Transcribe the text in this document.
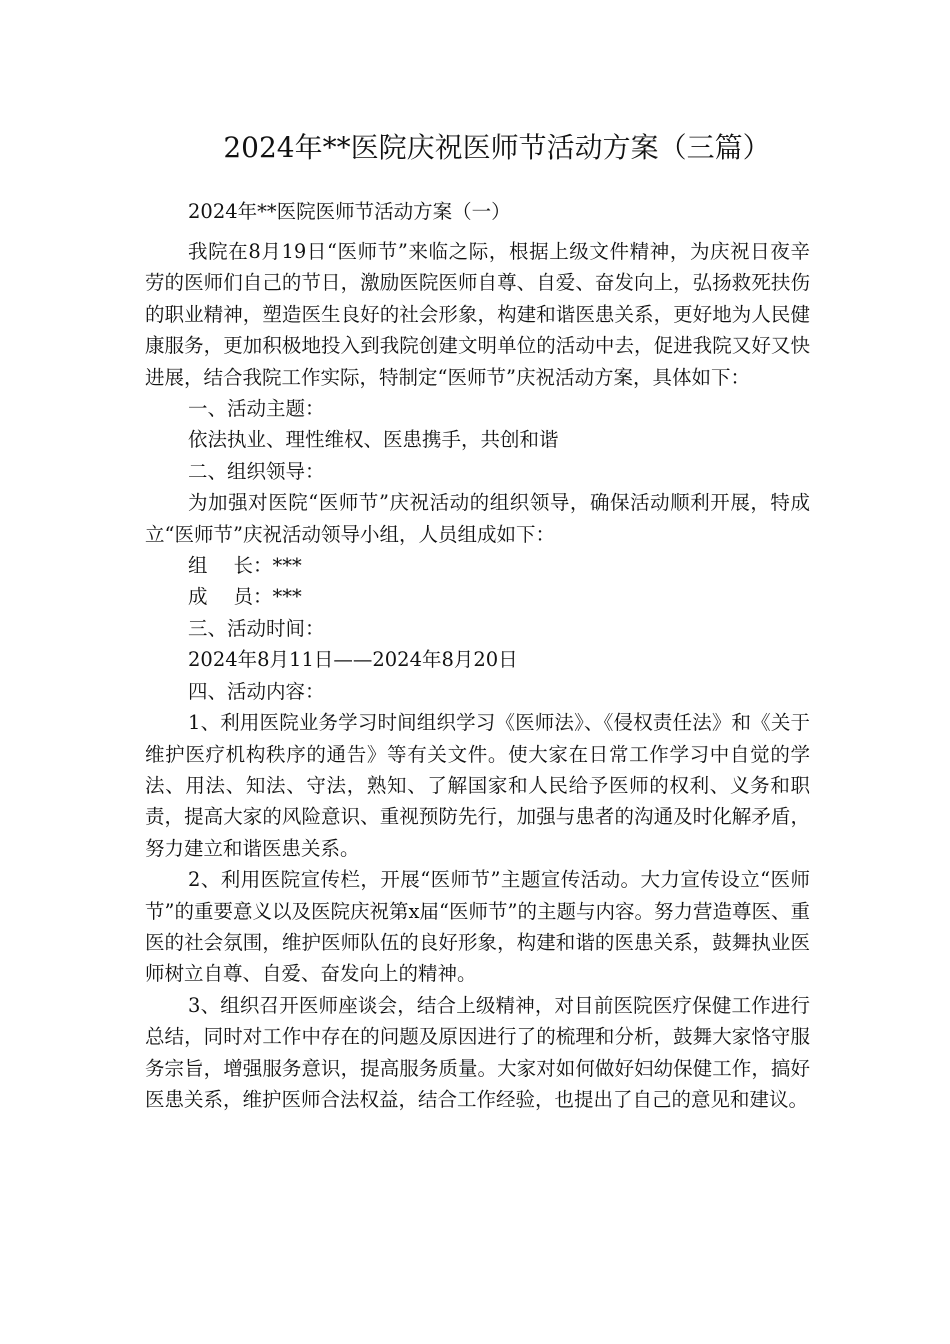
2024年**医院庆祝医师节活动方案（三篇）
2024年**医院医师节活动方案（一）

我院在8月19日“医师节”来临之际，根据上级文件精神，为庆祝日夜辛劳的医师们自己的节日，激励医院医师自尊、自爱、奋发向上，弘扬救死扶伤的职业精神，塑造医生良好的社会形象，构建和谐医患关系，更好地为人民健康服务，更加积极地投入到我院创建文明单位的活动中去，促进我院又好又快进展，结合我院工作实际，特制定“医师节”庆祝活动方案，具体如下：

一、活动主题：

依法执业、理性维权、医患携手，共创和谐

二、组织领导：

为加强对医院“医师节”庆祝活动的组织领导，确保活动顺利开展，特成立“医师节”庆祝活动领导小组，人员组成如下：

组 长：***

成 员：***

三、活动时间：

2024年8月11日——2024年8月20日

四、活动内容：

1、利用医院业务学习时间组织学习《医师法》、《侵权责任法》和《关于维护医疗机构秩序的通告》等有关文件。使大家在日常工作学习中自觉的学法、用法、知法、守法，熟知、了解国家和人民给予医师的权利、义务和职责，提高大家的风险意识、重视预防先行，加强与患者的沟通及时化解矛盾，努力建立和谐医患关系。

2、利用医院宣传栏，开展“医师节”主题宣传活动。大力宣传设立“医师节”的重要意义以及医院庆祝第x届“医师节”的主题与内容。努力营造尊医、重医的社会氛围，维护医师队伍的良好形象，构建和谐的医患关系，鼓舞执业医师树立自尊、自爱、奋发向上的精神。

3、组织召开医师座谈会，结合上级精神，对目前医院医疗保健工作进行总结，同时对工作中存在的问题及原因进行了的梳理和分析，鼓舞大家恪守服务宗旨，增强服务意识，提高服务质量。大家对如何做好妇幼保健工作，搞好医患关系，维护医师合法权益，结合工作经验，也提出了自己的意见和建议。
